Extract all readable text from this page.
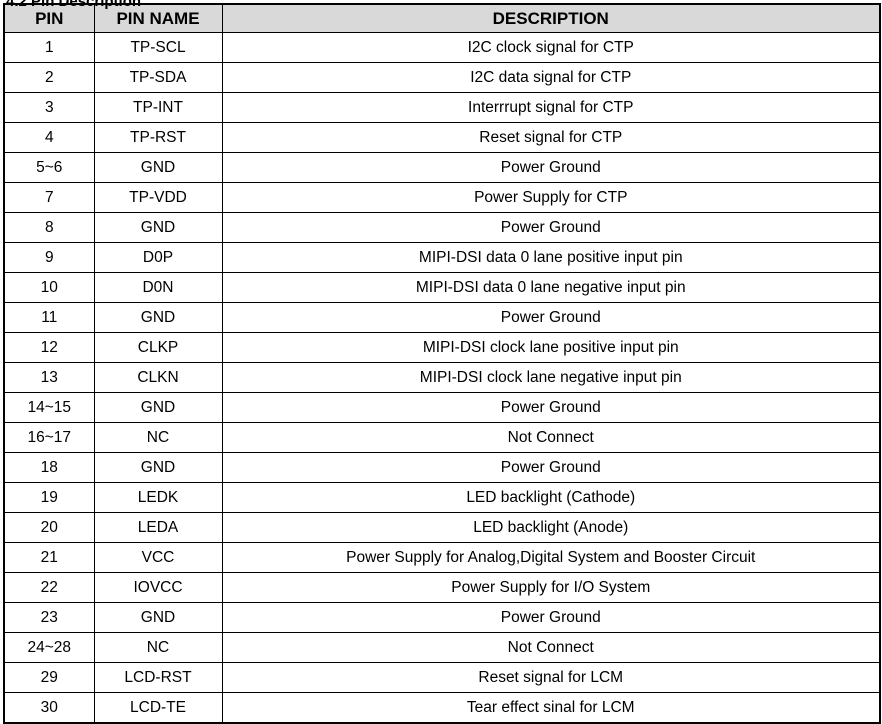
PIN	PIN NAME	DESCRIPTION
1	TP-SCL	I2C clock signal for CTP
2	TP-SDA	I2C data signal for CTP
3	TP-INT	Interrrupt signal for CTP
4	TP-RST	Reset signal for CTP
5~6	GND	Power Ground
7	TP-VDD	Power Supply for CTP
8	GND	Power Ground
9	D0P	MIPI-DSI data 0 lane positive input pin
10	D0N	MIPI-DSI data 0 lane negative input pin
11	GND	Power Ground
12	CLKP	MIPI-DSI clock lane positive input pin
13	CLKN	MIPI-DSI clock lane negative input pin
14~15	GND	Power Ground
16~17	NC	Not Connect
18	GND	Power Ground
19	LEDK	LED backlight (Cathode)
20	LEDA	LED backlight (Anode)
21	VCC	Power Supply for Analog,Digital System and Booster Circuit
22	IOVCC	Power Supply for I/O System
23	GND	Power Ground
24~28	NC	Not Connect
29	LCD-RST	Reset signal for LCM
30	LCD-TE	Tear effect sinal for LCM
